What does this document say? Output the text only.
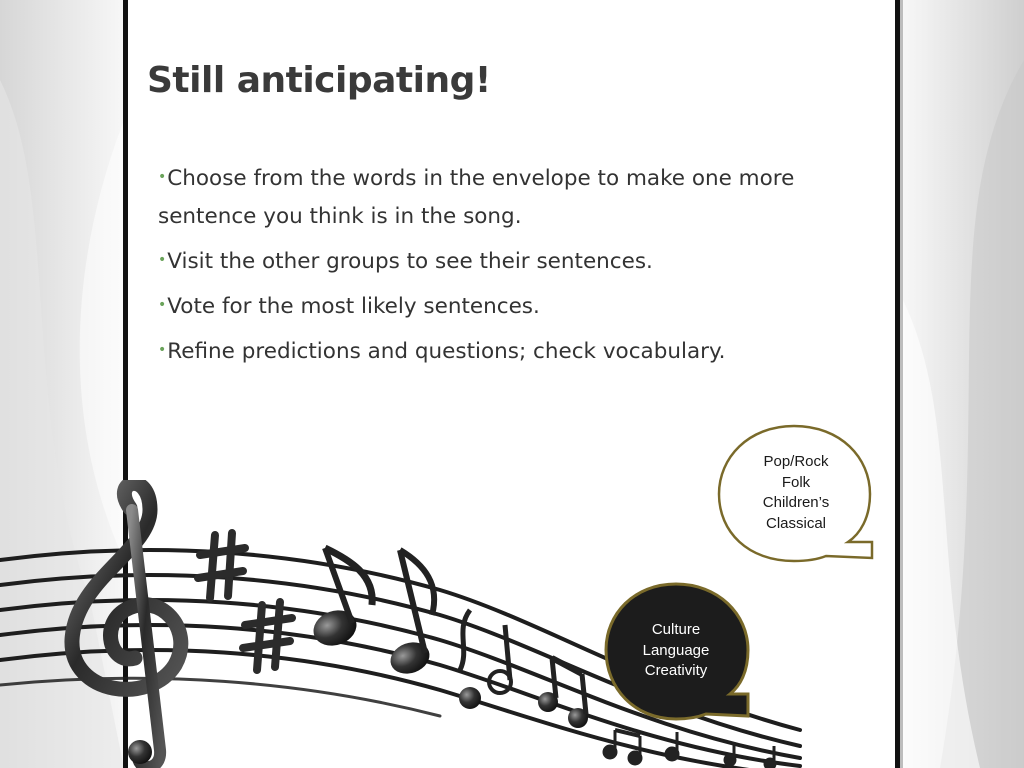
Still anticipating!
•Choose from the words in the envelope to make one more sentence you think is in the song.
•Visit the other groups to see their sentences.
•Vote for the most likely sentences.
•Refine predictions and questions; check vocabulary.
Pop/Rock
Folk
Children’s
Classical
Culture
Language
Creativity
